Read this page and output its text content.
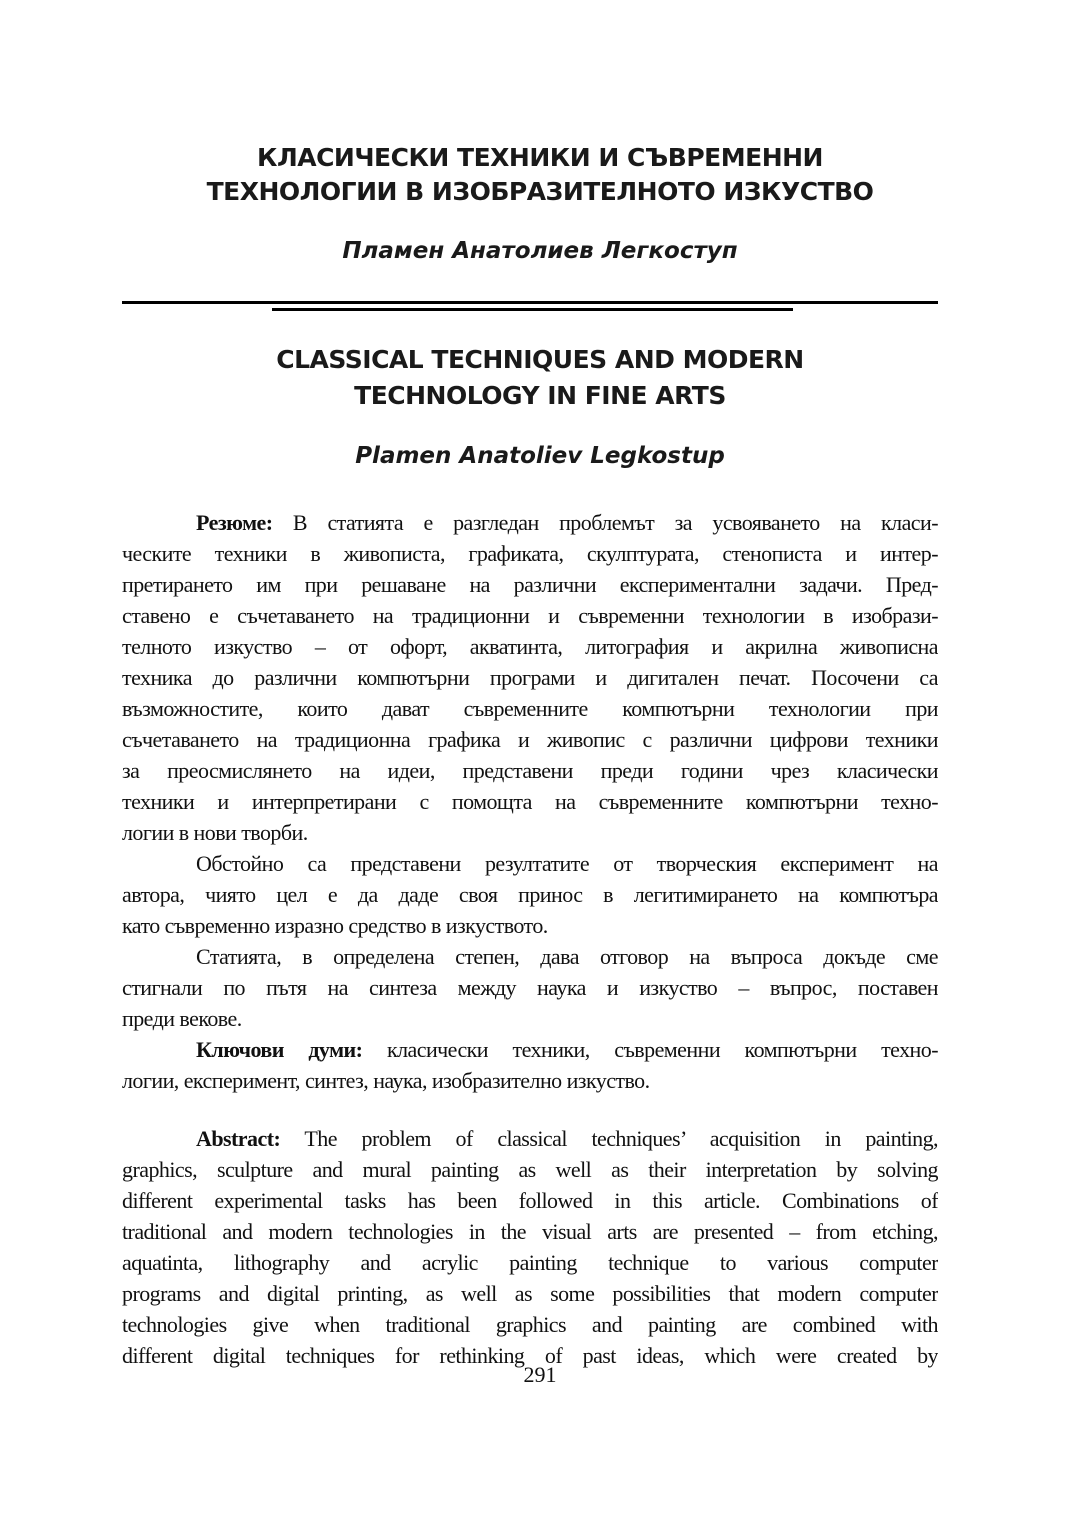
КЛАСИЧЕСКИ ТЕХНИКИ И СЪВРЕМЕННИ
ТЕХНОЛОГИИ В ИЗОБРАЗИТЕЛНОТО ИЗКУСТВО
Пламен Анатолиев Легкоступ
CLASSICAL TECHNIQUES AND MODERN
TECHNOLOGY IN FINE ARTS
Plamen Anatoliev Legkostup
Резюме: В статията е разгледан проблемът за усвояването на класи-
ческите техники в живописта, графиката, скулптурата, стенописта и интер-
претирането им при решаване на различни експериментални задачи. Пред-
ставено е съчетаването на традиционни и съвременни технологии в изобрази-
телното изкуство – от офорт, акватинта, литография и акрилна живописна
техника до различни компютърни програми и дигитален печат. Посочени са
възможностите, които дават съвременните компютърни технологии при
съчетаването на традиционна графика и живопис с различни цифрови техники
за преосмислянето на идеи, представени преди години чрез класически
техники и интерпретирани с помощта на съвременните компютърни техно-
логии в нови творби.
Обстойно са представени резултатите от творческия експеримент на
автора, чиято цел е да даде своя принос в легитимирането на компютъра
като съвременно изразно средство в изкуството.
Статията, в определена степен, дава отговор на въпроса докъде сме
стигнали по пътя на синтеза между наука и изкуство – въпрос, поставен
преди векове.
Ключови думи: класически техники, съвременни компютърни техно-
логии, експеримент, синтез, наука, изобразително изкуство.
Abstract: The problem of classical techniques’ acquisition in painting,
graphics, sculpture and mural painting as well as their interpretation by solving
different experimental tasks has been followed in this article. Combinations of
traditional and modern technologies in the visual arts are presented – from etching,
aquatinta, lithography and acrylic painting technique to various computer
programs and digital printing, as well as some possibilities that modern computer
technologies give when traditional graphics and painting are combined with
different digital techniques for rethinking of past ideas, which were created by
291
